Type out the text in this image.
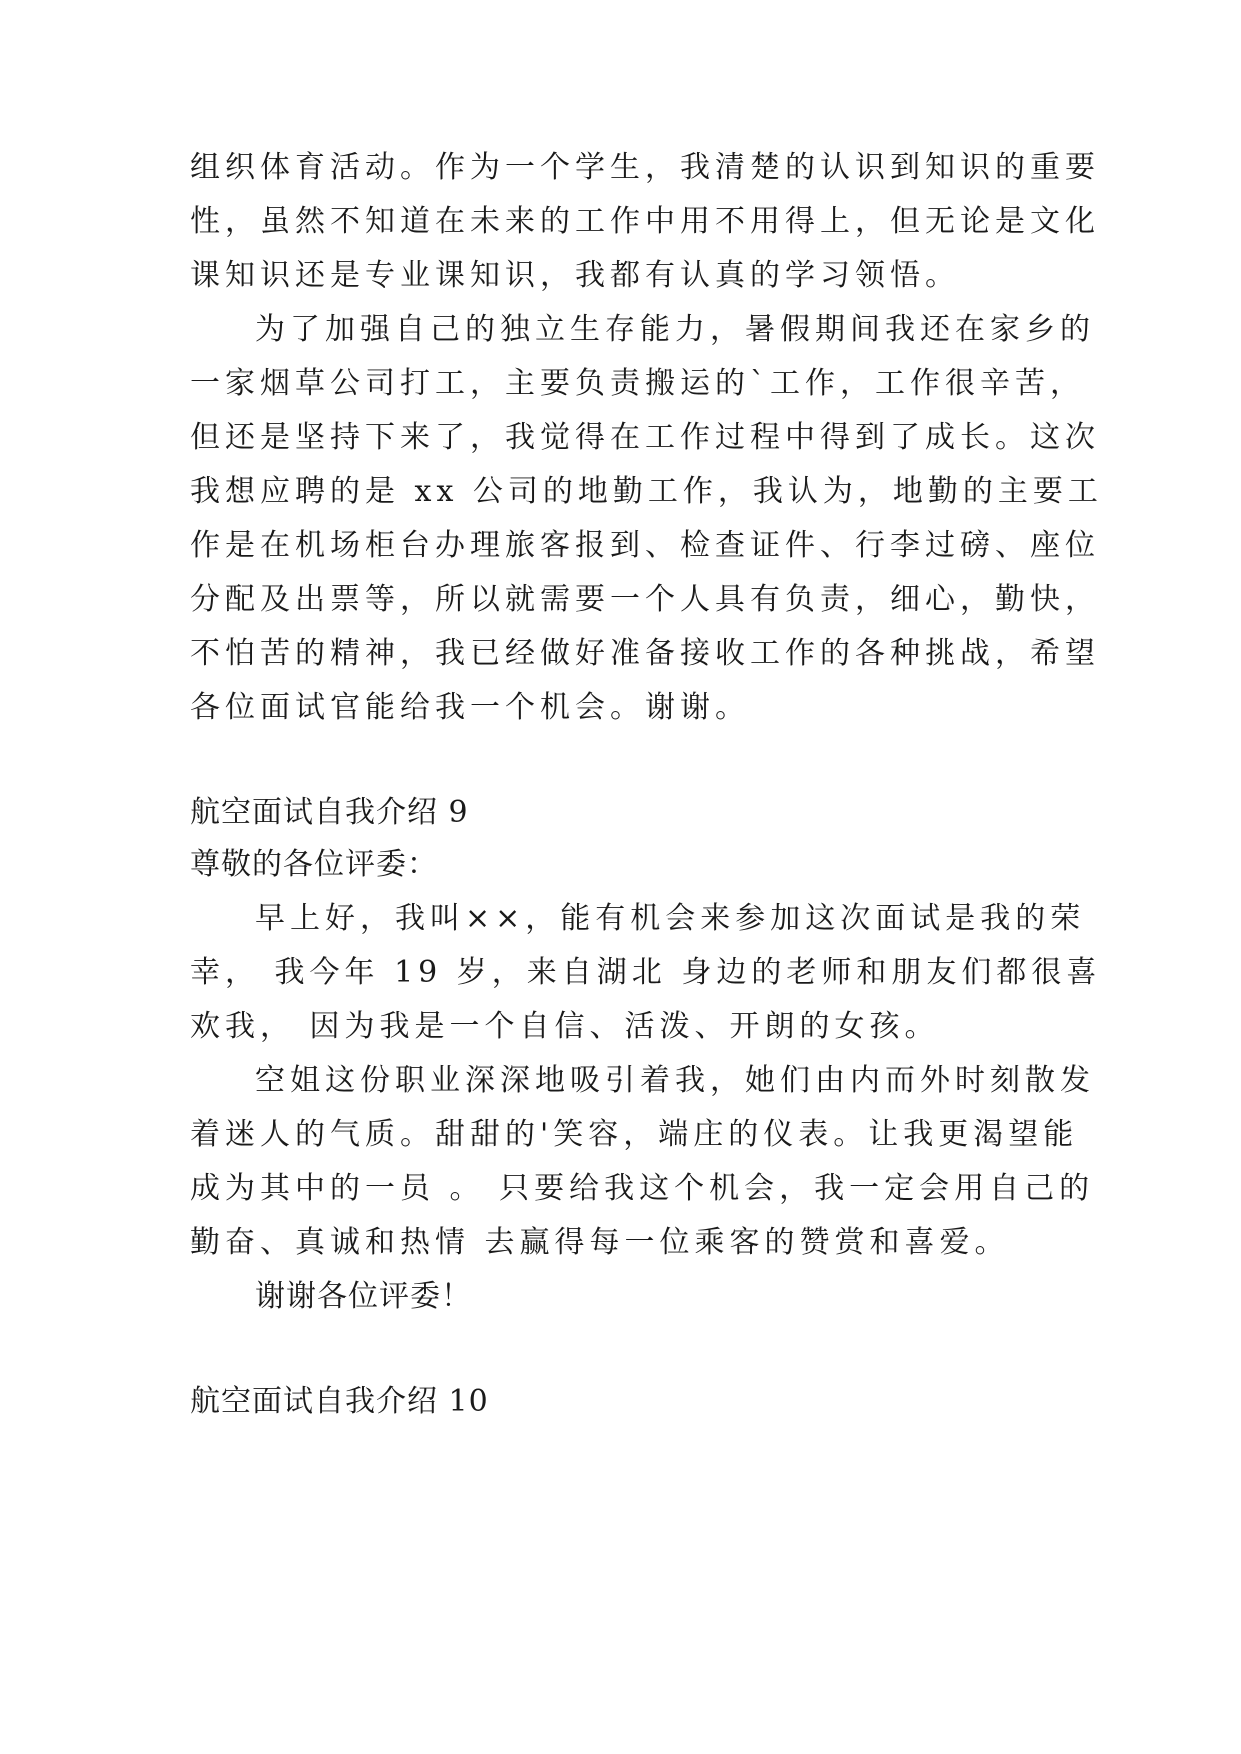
组织体育活动。作为一个学生，我清楚的认识到知识的重要
性，虽然不知道在未来的工作中用不用得上，但无论是文化
课知识还是专业课知识，我都有认真的学习领悟。
为了加强自己的独立生存能力，暑假期间我还在家乡的
一家烟草公司打工，主要负责搬运的`工作，工作很辛苦，
但还是坚持下来了，我觉得在工作过程中得到了成长。这次
我想应聘的是 xx 公司的地勤工作，我认为，地勤的主要工
作是在机场柜台办理旅客报到、检查证件、行李过磅、座位
分配及出票等，所以就需要一个人具有负责，细心，勤快，
不怕苦的精神，我已经做好准备接收工作的各种挑战，希望
各位面试官能给我一个机会。谢谢。
航空面试自我介绍 9
尊敬的各位评委：
早上好，我叫××，能有机会来参加这次面试是我的荣
幸， 我今年 19 岁，来自湖北 身边的老师和朋友们都很喜
欢我， 因为我是一个自信、活泼、开朗的女孩。
空姐这份职业深深地吸引着我，她们由内而外时刻散发
着迷人的气质。甜甜的'笑容，端庄的仪表。让我更渴望能
成为其中的一员 。 只要给我这个机会，我一定会用自己的
勤奋、真诚和热情 去赢得每一位乘客的赞赏和喜爱。
谢谢各位评委！
航空面试自我介绍 10
